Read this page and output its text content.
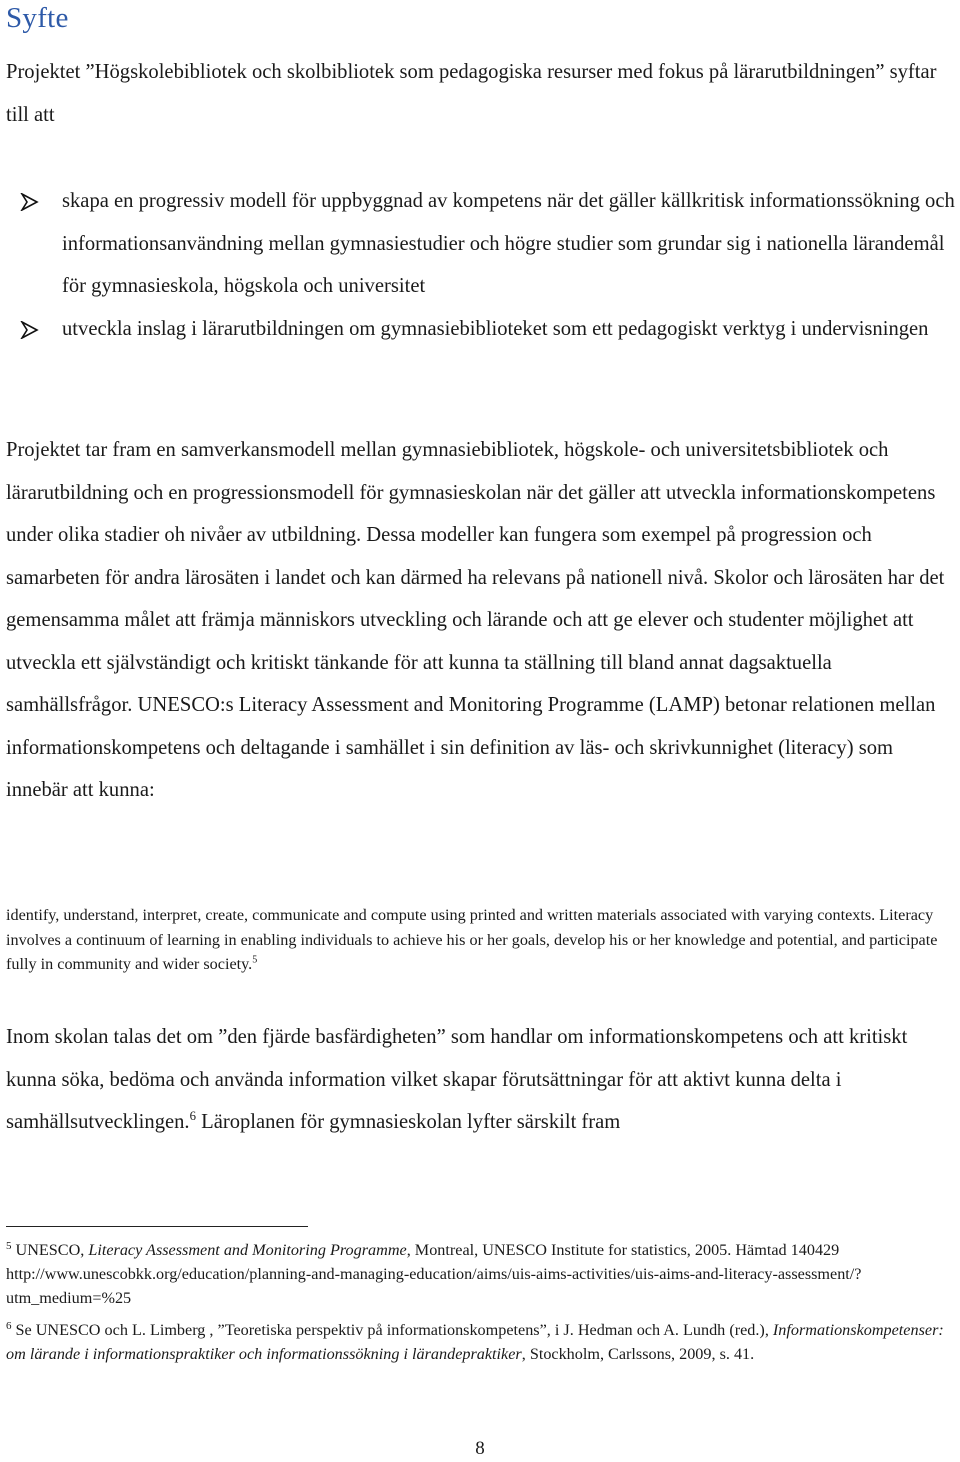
Syfte

Projektet ”Högskolebibliotek och skolbibliotek som pedagogiska resurser med fokus på lärarutbildningen” syftar till att

skapa en progressiv modell för uppbyggnad av kompetens när det gäller källkritisk informationssökning och informationsanvändning mellan gymnasiestudier och högre studier som grundar sig i nationella lärandemål för gymnasieskola, högskola och universitet
utveckla inslag i lärarutbildningen om gymnasiebiblioteket som ett pedagogiskt verktyg i undervisningen

Projektet tar fram en samverkansmodell mellan gymnasiebibliotek, högskole- och universitetsbibliotek och lärarutbildning och en progressionsmodell för gymnasieskolan när det gäller att utveckla informationskompetens under olika stadier oh nivåer av utbildning. Dessa modeller kan fungera som exempel på progression och samarbeten för andra lärosäten i landet och kan därmed ha relevans på nationell nivå. Skolor och lärosäten har det gemensamma målet att främja människors utveckling och lärande och att ge elever och studenter möjlighet att utveckla ett självständigt och kritiskt tänkande för att kunna ta ställning till bland annat dagsaktuella samhällsfrågor. UNESCO:s Literacy Assessment and Monitoring Programme (LAMP) betonar relationen mellan informationskompetens och deltagande i samhället i sin definition av läs- och skrivkunnighet (literacy) som innebär att kunna:

identify, understand, interpret, create, communicate and compute using printed and written materials associated with varying contexts. Literacy involves a continuum of learning in enabling individuals to achieve his or her goals, develop his or her knowledge and potential, and participate fully in community and wider society.$^5$

Inom skolan talas det om ”den fjärde basfärdigheten” som handlar om informationskompetens och att kritiskt kunna söka, bedöma och använda information vilket skapar förutsättningar för att aktivt kunna delta i samhällsutvecklingen.$^6$ Läroplanen för gymnasieskolan lyfter särskilt fram

$^5$ UNESCO, Literacy Assessment and Monitoring Programme, Montreal, UNESCO Institute for statistics, 2005. Hämtad 140429 http://www.unescobkk.org/education/planning-and-managing-education/aims/uis-aims-activities/uis-aims-and-literacy-assessment/?utm_medium=%25

$^6$ Se UNESCO och L. Limberg , ”Teoretiska perspektiv på informationskompetens”, i J. Hedman och A. Lundh (red.), Informationskompetenser: om lärande i informationspraktiker och informationssökning i lärandepraktiker, Stockholm, Carlssons, 2009, s. 41.

8
